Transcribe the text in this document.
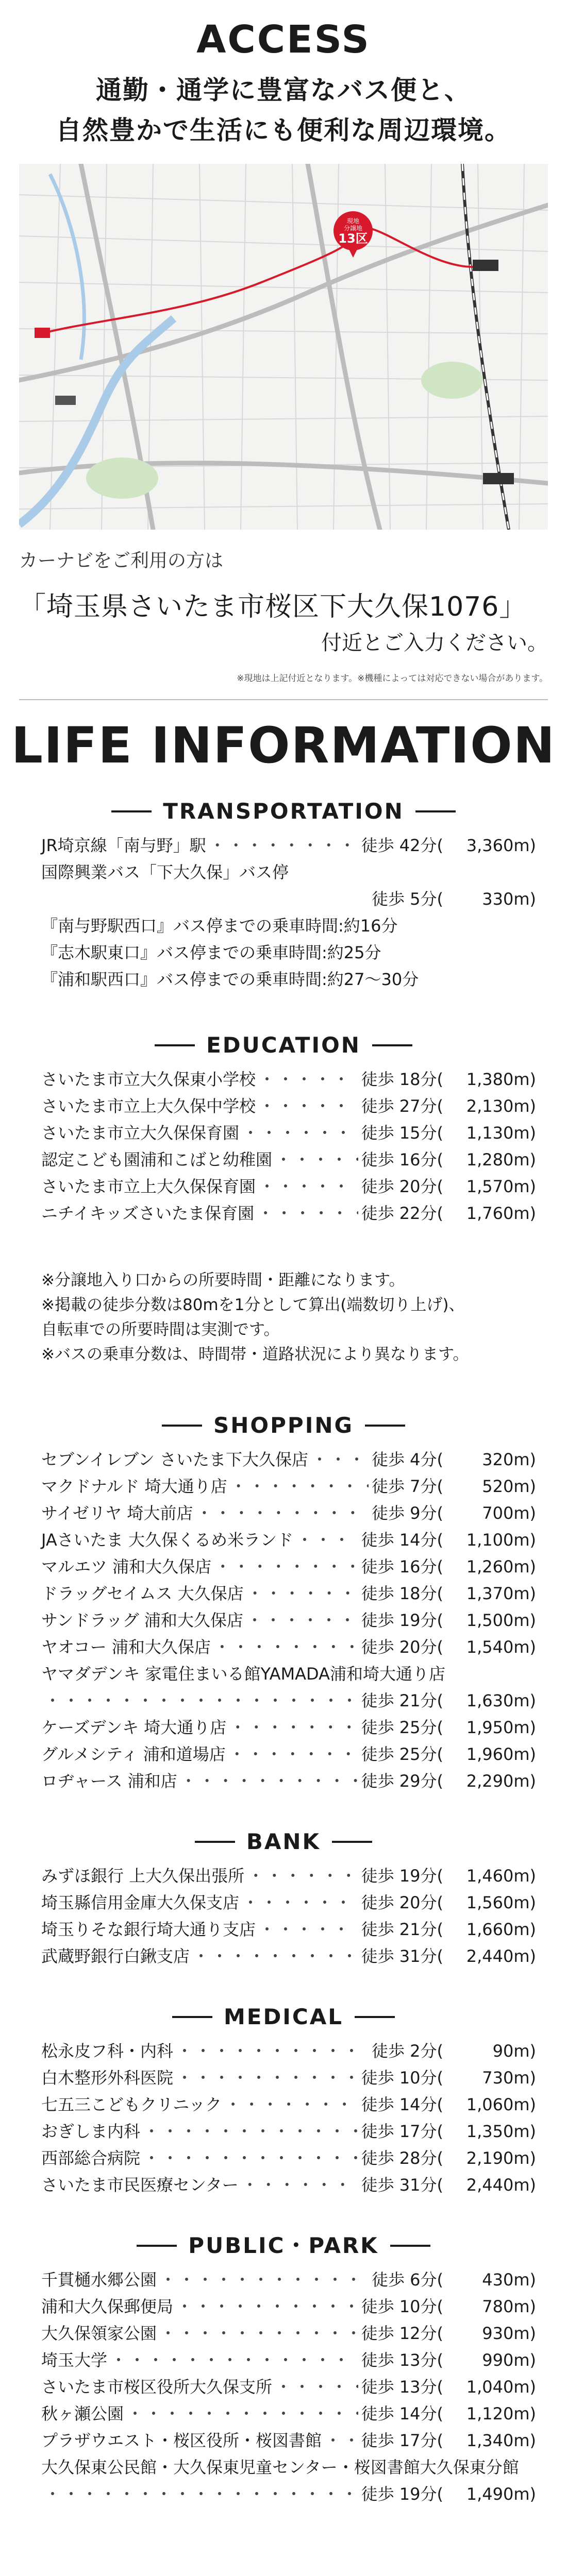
ACCESS
通勤・通学に豊富なバス便と、
自然豊かで生活にも便利な周辺環境。
現地
分譲地
13区
カーナビをご利用の方は
「埼玉県さいたま市桜区下大久保1076」
付近とご入力ください。
※現地は上記付近となります。※機種によっては対応できない場合があります。
LIFE INFORMATION
TRANSPORTATION
JR埼京線「南与野」駅 ・・・・・・・・・・・・・・・・・・・・・・・・・・・・・・・・	徒歩 42分(	3,360m)
国際興業バス「下大久保」バス停
徒歩 5分(	330m)
『南与野駅西口』バス停までの乗車時間:約16分
『志木駅東口』バス停までの乗車時間:約25分
『浦和駅西口』バス停までの乗車時間:約27〜30分
EDUCATION
さいたま市立大久保東小学校 ・・・・・・・・・・・・・・・・・・・・・・・・・・・・・・・・	徒歩 18分(	1,380m)
さいたま市立上大久保中学校 ・・・・・・・・・・・・・・・・・・・・・・・・・・・・・・・・	徒歩 27分(	2,130m)
さいたま市立大久保保育園 ・・・・・・・・・・・・・・・・・・・・・・・・・・・・・・・・	徒歩 15分(	1,130m)
認定こども園浦和こばと幼稚園 ・・・・・・・・・・・・・・・・・・・・・・・・・・・・・・・・	徒歩 16分(	1,280m)
さいたま市立上大久保保育園 ・・・・・・・・・・・・・・・・・・・・・・・・・・・・・・・・	徒歩 20分(	1,570m)
ニチイキッズさいたま保育園 ・・・・・・・・・・・・・・・・・・・・・・・・・・・・・・・・	徒歩 22分(	1,760m)

※分譲地入り口からの所要時間・距離になります。

※掲載の徒歩分数は80mを1分として算出(端数切り上げ)、

自転車での所要時間は実測です。

※バスの乗車分数は、時間帯・道路状況により異なります。

SHOPPING
セブンイレブン さいたま下大久保店 ・・・・・・・・・・・・・・・・・・・・・・・・・・・・・・・・	徒歩 4分(	320m)
マクドナルド 埼大通り店 ・・・・・・・・・・・・・・・・・・・・・・・・・・・・・・・・	徒歩 7分(	520m)
サイゼリヤ 埼大前店 ・・・・・・・・・・・・・・・・・・・・・・・・・・・・・・・・	徒歩 9分(	700m)
JAさいたま 大久保くるめ米ランド ・・・・・・・・・・・・・・・・・・・・・・・・・・・・・・・・	徒歩 14分(	1,100m)
マルエツ 浦和大久保店 ・・・・・・・・・・・・・・・・・・・・・・・・・・・・・・・・	徒歩 16分(	1,260m)
ドラッグセイムス 大久保店 ・・・・・・・・・・・・・・・・・・・・・・・・・・・・・・・・	徒歩 18分(	1,370m)
サンドラッグ 浦和大久保店 ・・・・・・・・・・・・・・・・・・・・・・・・・・・・・・・・	徒歩 19分(	1,500m)
ヤオコー 浦和大久保店 ・・・・・・・・・・・・・・・・・・・・・・・・・・・・・・・・	徒歩 20分(	1,540m)
ヤマダデンキ 家電住まいる館YAMADA浦和埼大通り店
・・・・・・・・・・・・・・・・・・・・・・・・・・・・・・・・
徒歩 21分(	1,630m)
ケーズデンキ 埼大通り店 ・・・・・・・・・・・・・・・・・・・・・・・・・・・・・・・・	徒歩 25分(	1,950m)
グルメシティ 浦和道場店 ・・・・・・・・・・・・・・・・・・・・・・・・・・・・・・・・	徒歩 25分(	1,960m)
ロヂャース 浦和店 ・・・・・・・・・・・・・・・・・・・・・・・・・・・・・・・・	徒歩 29分(	2,290m)
BANK
みずほ銀行 上大久保出張所 ・・・・・・・・・・・・・・・・・・・・・・・・・・・・・・・・	徒歩 19分(	1,460m)
埼玉縣信用金庫大久保支店 ・・・・・・・・・・・・・・・・・・・・・・・・・・・・・・・・	徒歩 20分(	1,560m)
埼玉りそな銀行埼大通り支店 ・・・・・・・・・・・・・・・・・・・・・・・・・・・・・・・・	徒歩 21分(	1,660m)
武蔵野銀行白鍬支店 ・・・・・・・・・・・・・・・・・・・・・・・・・・・・・・・・	徒歩 31分(	2,440m)
MEDICAL
松永皮フ科・内科 ・・・・・・・・・・・・・・・・・・・・・・・・・・・・・・・・	徒歩 2分(	90m)
白木整形外科医院 ・・・・・・・・・・・・・・・・・・・・・・・・・・・・・・・・	徒歩 10分(	730m)
七五三こどもクリニック ・・・・・・・・・・・・・・・・・・・・・・・・・・・・・・・・	徒歩 14分(	1,060m)
おぎしま内科 ・・・・・・・・・・・・・・・・・・・・・・・・・・・・・・・・	徒歩 17分(	1,350m)
西部総合病院 ・・・・・・・・・・・・・・・・・・・・・・・・・・・・・・・・	徒歩 28分(	2,190m)
さいたま市民医療センター ・・・・・・・・・・・・・・・・・・・・・・・・・・・・・・・・	徒歩 31分(	2,440m)
PUBLIC・PARK
千貫樋水郷公園 ・・・・・・・・・・・・・・・・・・・・・・・・・・・・・・・・	徒歩 6分(	430m)
浦和大久保郵便局 ・・・・・・・・・・・・・・・・・・・・・・・・・・・・・・・・	徒歩 10分(	780m)
大久保領家公園 ・・・・・・・・・・・・・・・・・・・・・・・・・・・・・・・・	徒歩 12分(	930m)
埼玉大学 ・・・・・・・・・・・・・・・・・・・・・・・・・・・・・・・・	徒歩 13分(	990m)
さいたま市桜区役所大久保支所 ・・・・・・・・・・・・・・・・・・・・・・・・・・・・・・・・	徒歩 13分(	1,040m)
秋ヶ瀬公園 ・・・・・・・・・・・・・・・・・・・・・・・・・・・・・・・・	徒歩 14分(	1,120m)
プラザウエスト・桜区役所・桜図書館 ・・・・・・・・・・・・・・・・・・・・・・・・・・・・・・・・ 徒歩 17分(	1,340m)
大久保東公民館・大久保東児童センター・桜図書館大久保東分館
・・・・・・・・・・・・・・・・・・・・・・・・・・・・・・・・
徒歩 19分(	1,490m)
